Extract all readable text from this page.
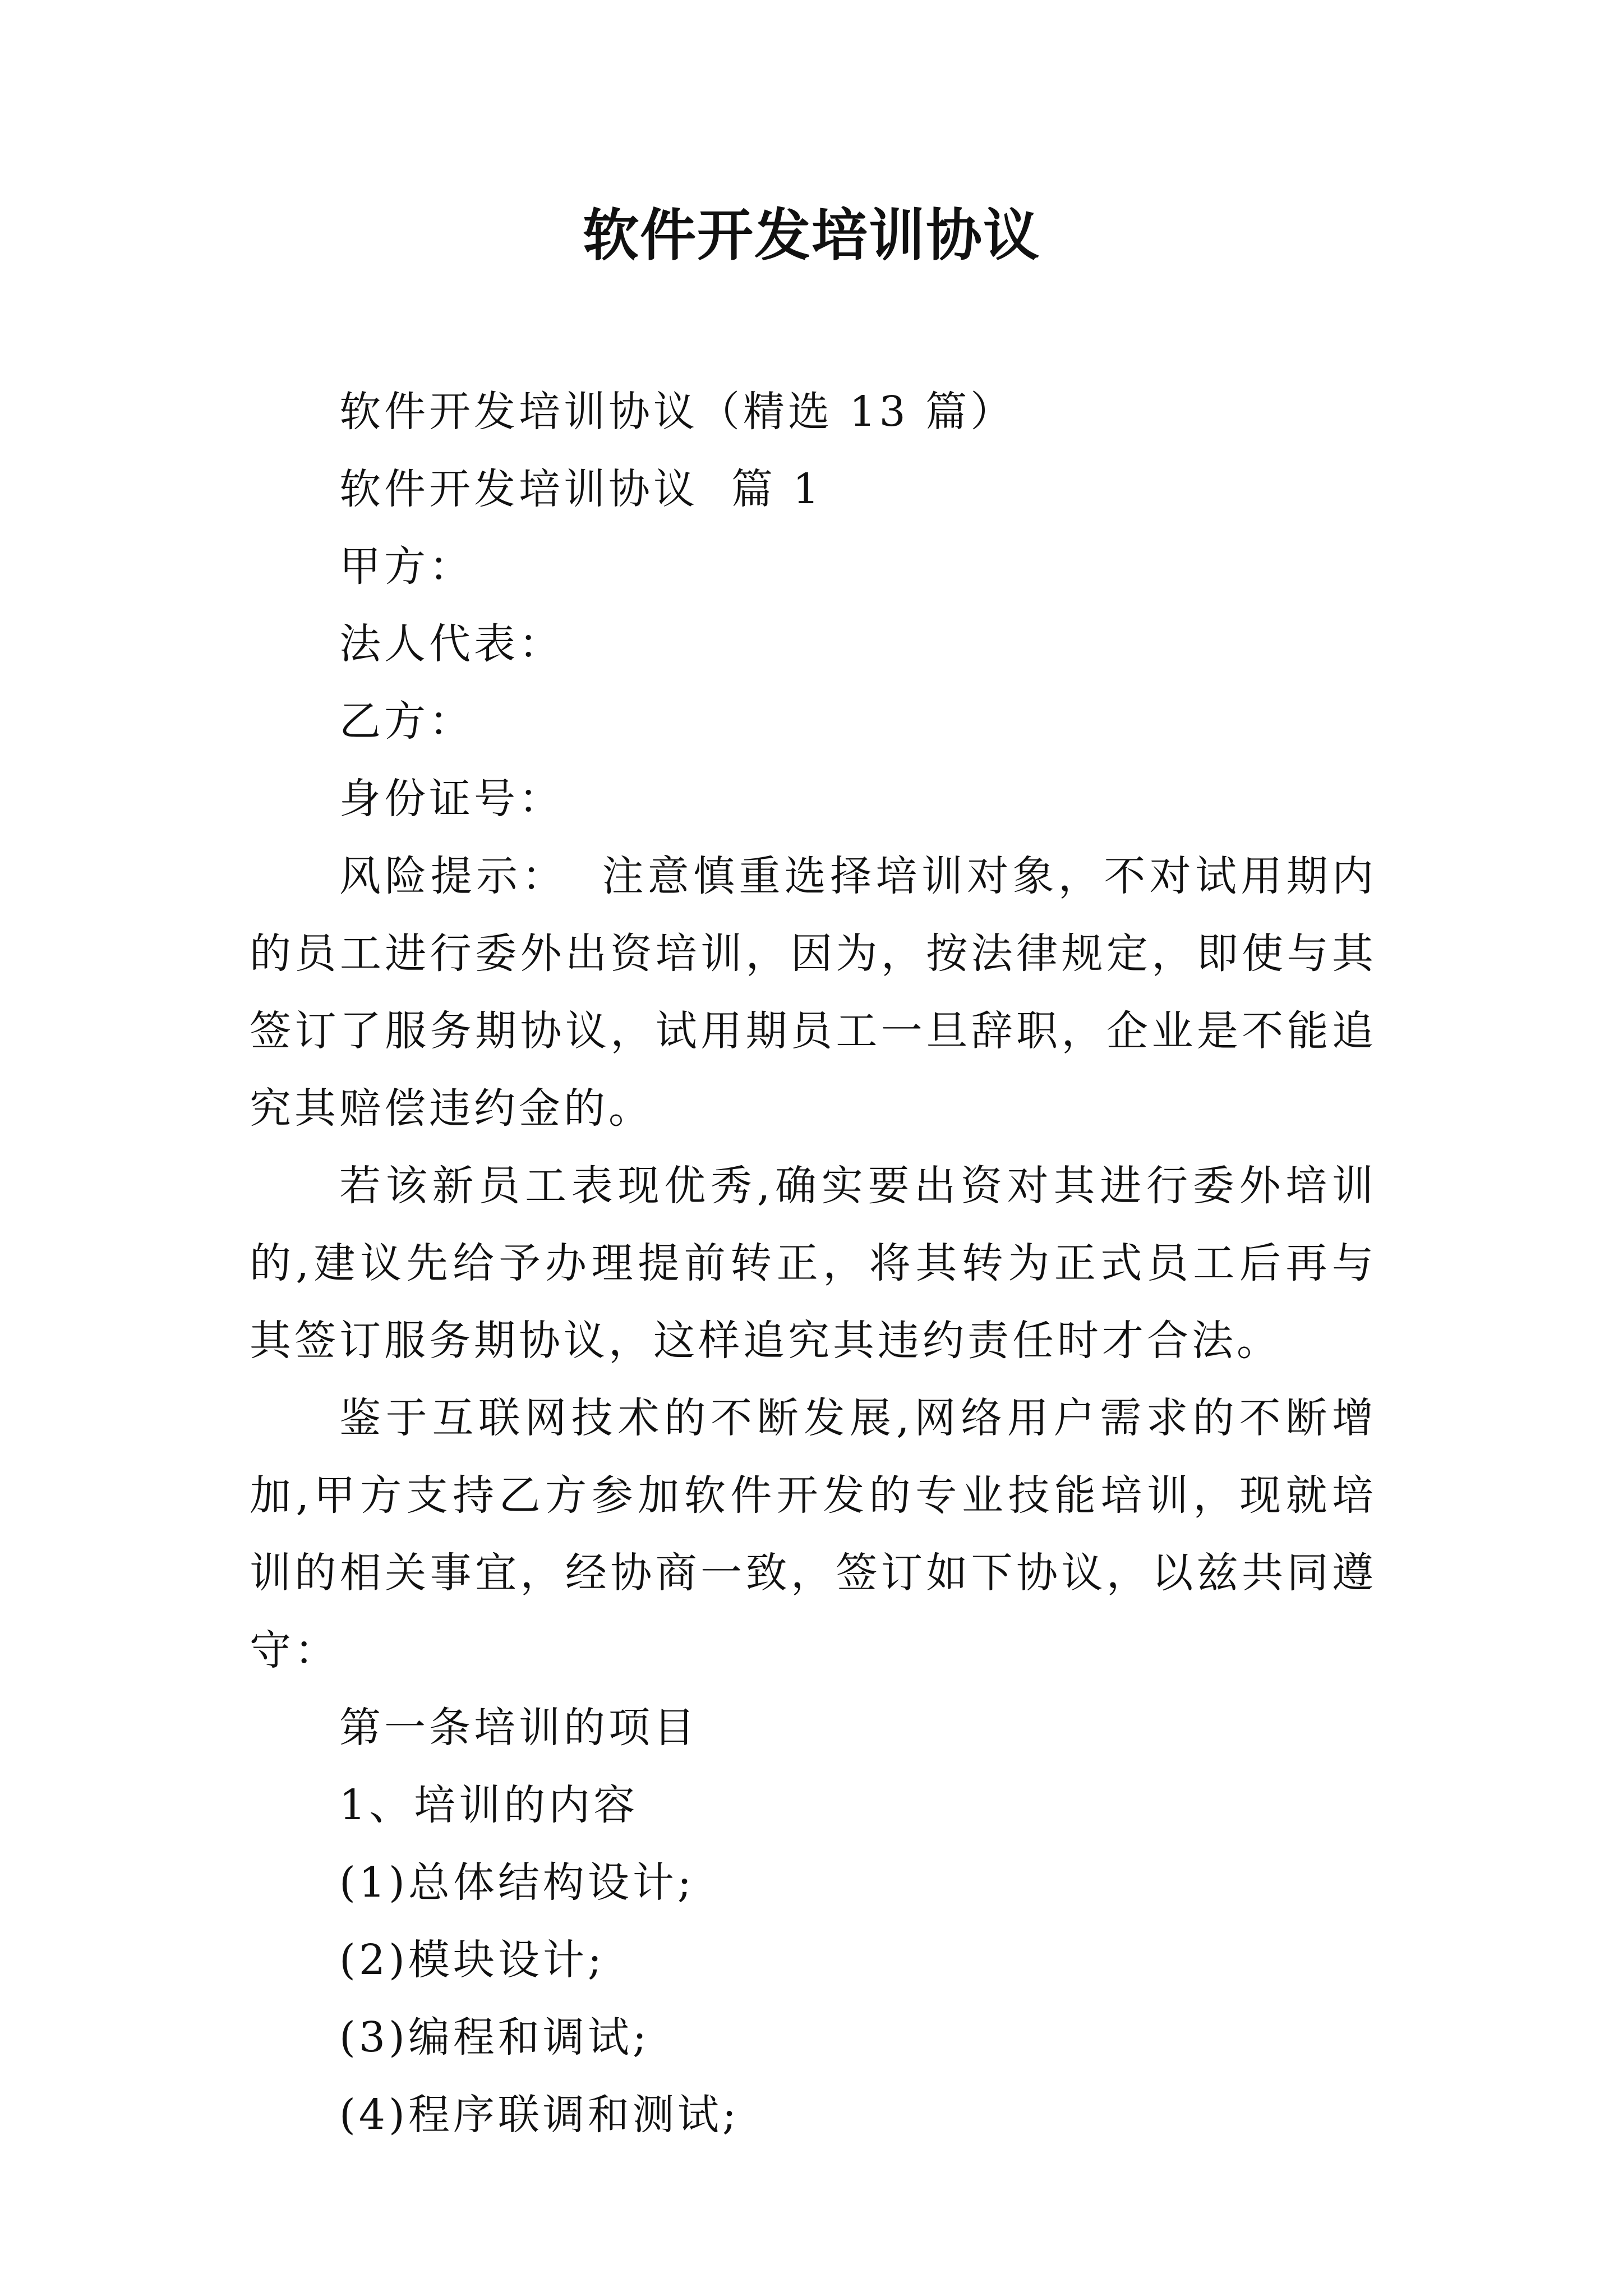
软件开发培训协议

软件开发培训协议（精选 13 篇）

软件开发培训协议  篇 1

甲方：

法人代表：

乙方：

身份证号：

风险提示：  注意慎重选择培训对象，不对试用期内的员工进行委外出资培训，因为，按法律规定，即使与其签订了服务期协议，试用期员工一旦辞职，企业是不能追究其赔偿违约金的。

若该新员工表现优秀,确实要出资对其进行委外培训的,建议先给予办理提前转正，将其转为正式员工后再与其签订服务期协议，这样追究其违约责任时才合法。

鉴于互联网技术的不断发展,网络用户需求的不断增加,甲方支持乙方参加软件开发的专业技能培训，现就培训的相关事宜，经协商一致，签订如下协议，以兹共同遵守：

第一条培训的项目

1、培训的内容

(1)总体结构设计;

(2)模块设计;

(3)编程和调试;

(4)程序联调和测试;
